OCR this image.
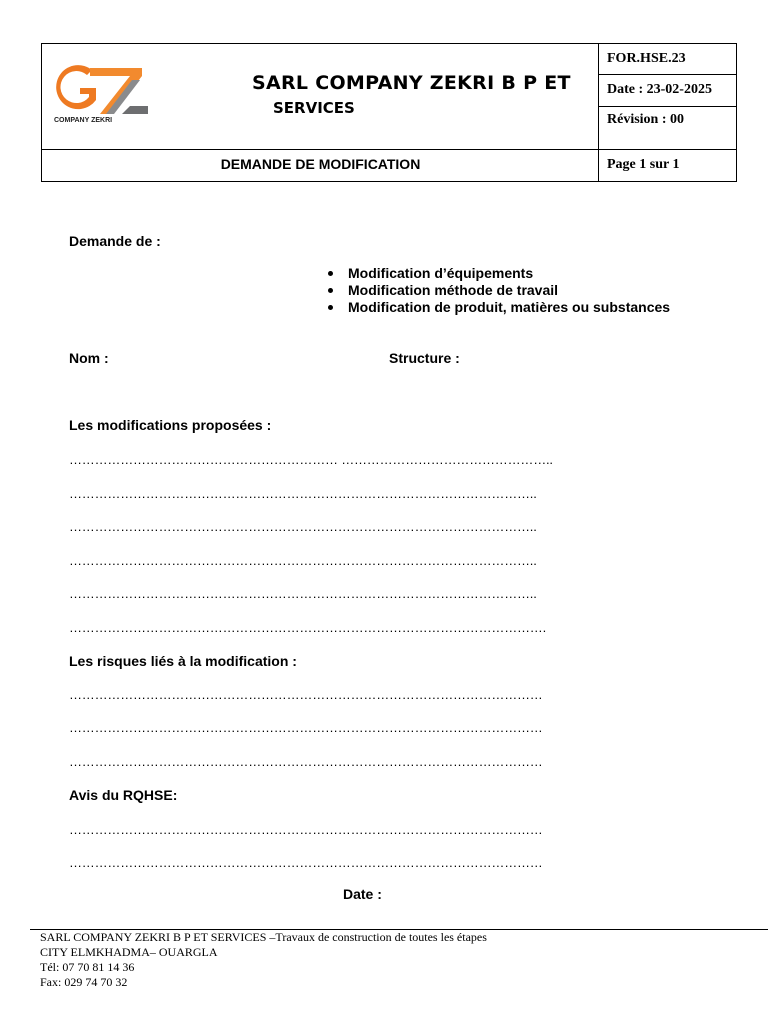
COMPANY ZEKRI
SARL COMPANY ZEKRI B P ET
SERVICES
FOR.HSE.23
Date : 23-02-2025
Révision : 00
DEMANDE DE MODIFICATION	Page 1 sur 1
Demande de :
Modification d’équipements
Modification méthode de travail
Modification de produit, matières ou substances
Nom :	Structure :
Les modifications proposées :
……………………………………………………… …………………………………………..
………………………………………………………………………………………………..
………………………………………………………………………………………………..
………………………………………………………………………………………………..
………………………………………………………………………………………………..
………………………………………………………………………………………………….
Les risques liés à la modification :
…………………………………………………………………………………………………
…………………………………………………………………………………………………
…………………………………………………………………………………………………
Avis du RQHSE:
…………………………………………………………………………………………………
…………………………………………………………………………………………………
Date :
SARL COMPANY ZEKRI B P ET SERVICES –Travaux de construction de toutes les étapes
CITY ELMKHADMA– OUARGLA
Tél: 07 70 81 14 36
Fax: 029 74 70 32
